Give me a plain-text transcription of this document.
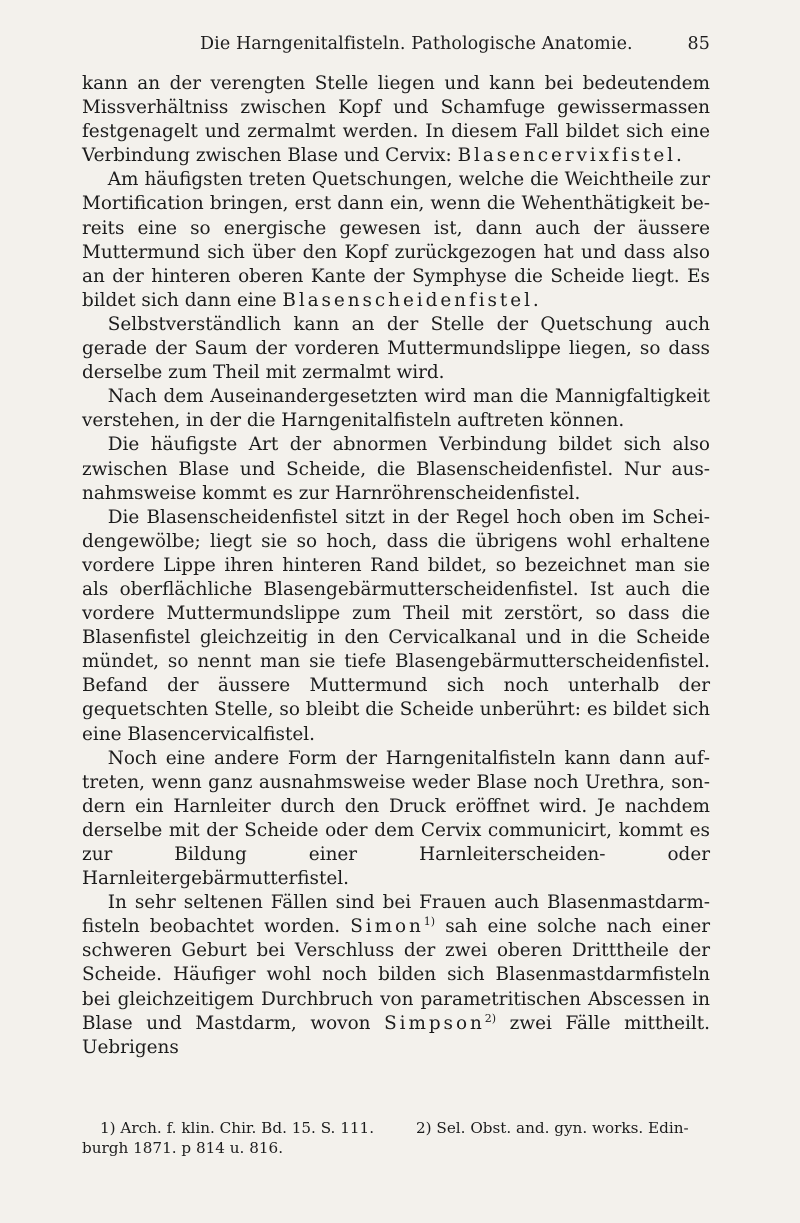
Die Harngenitalfisteln. Pathologische Anatomie.	85

kann an der verengten Stelle liegen und kann bei bedeutendem Missverhältniss zwischen Kopf und Schamfuge gewissermassen festgenagelt und zermalmt werden. In diesem Fall bildet sich eine Verbindung zwischen Blase und Cervix: Blasencervixfistel.

Am häufigsten treten Quetschungen, welche die Weichtheile zur Mortification bringen, erst dann ein, wenn die Wehenthätigkeit bereits eine so energische gewesen ist, dann auch der äussere Muttermund sich über den Kopf zurückgezogen hat und dass also an der hinteren oberen Kante der Symphyse die Scheide liegt. Es bildet sich dann eine Blasenscheidenfistel.

Selbstverständlich kann an der Stelle der Quetschung auch gerade der Saum der vorderen Muttermundslippe liegen, so dass derselbe zum Theil mit zermalmt wird.

Nach dem Auseinandergesetzten wird man die Mannigfaltigkeit verstehen, in der die Harngenitalfisteln auftreten können.

Die häufigste Art der abnormen Verbindung bildet sich also zwischen Blase und Scheide, die Blasenscheidenfistel. Nur ausnahmsweise kommt es zur Harnröhrenscheidenfistel.

Die Blasenscheidenfistel sitzt in der Regel hoch oben im Scheidengewölbe; liegt sie so hoch, dass die übrigens wohl erhaltene vordere Lippe ihren hinteren Rand bildet, so bezeichnet man sie als oberflächliche Blasengebärmutterscheidenfistel. Ist auch die vordere Muttermundslippe zum Theil mit zerstört, so dass die Blasenfistel gleichzeitig in den Cervicalkanal und in die Scheide mündet, so nennt man sie tiefe Blasengebärmutterscheidenfistel. Befand der äussere Muttermund sich noch unterhalb der gequetschten Stelle, so bleibt die Scheide unberührt: es bildet sich eine Blasencervicalfistel.

Noch eine andere Form der Harngenitalfisteln kann dann auftreten, wenn ganz ausnahmsweise weder Blase noch Urethra, sondern ein Harnleiter durch den Druck eröffnet wird. Je nachdem derselbe mit der Scheide oder dem Cervix communicirt, kommt es zur Bildung einer Harnleiterscheiden- oder Harnleitergebärmutterfistel.

In sehr seltenen Fällen sind bei Frauen auch Blasenmastdarmfisteln beobachtet worden. Simon$^{1)}$ sah eine solche nach einer schweren Geburt bei Verschluss der zwei oberen Dritttheile der Scheide. Häufiger wohl noch bilden sich Blasenmastdarmfisteln bei gleichzeitigem Durchbruch von parametritischen Abscessen in Blase und Mastdarm, wovon Simpson$^{2)}$ zwei Fälle mittheilt. Uebrigens

1) Arch. f. klin. Chir. Bd. 15. S. 111.	2) Sel. Obst. and. gyn. works. Edin-
burgh 1871. p 814 u. 816.
